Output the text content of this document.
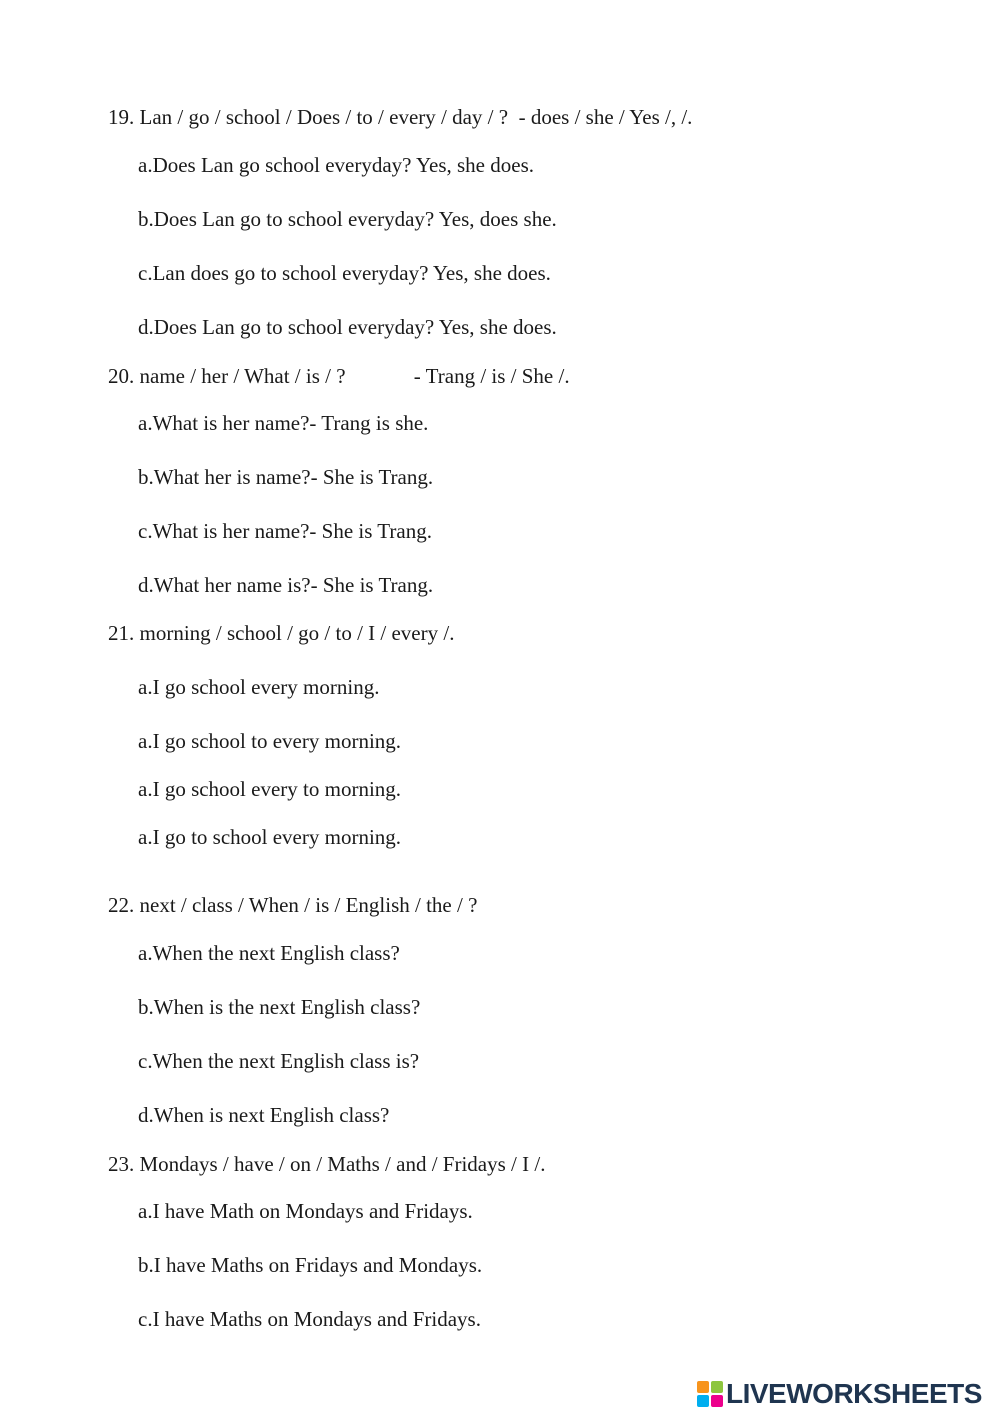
19. Lan / go / school / Does / to / every / day / ?  - does / she / Yes /, /.
a.Does Lan go school everyday? Yes, she does.
b.Does Lan go to school everyday? Yes, does she.
c.Lan does go to school everyday? Yes, she does.
d.Does Lan go to school everyday? Yes, she does.
20. name / her / What / is / ?             - Trang / is / She /.
a.What is her name?- Trang is she.
b.What her is name?- She is Trang.
c.What is her name?- She is Trang.
d.What her name is?- She is Trang.
21. morning / school / go / to / I / every /.
a.I go school every morning.
a.I go school to every morning.
a.I go school every to morning.
a.I go to school every morning.
22. next / class / When / is / English / the / ?
a.When the next English class?
b.When is the next English class?
c.When the next English class is?
d.When is next English class?
23. Mondays / have / on / Maths / and / Fridays / I /.
a.I have Math on Mondays and Fridays.
b.I have Maths on Fridays and Mondays.
c.I have Maths on Mondays and Fridays.
LIVEWORKSHEETS
